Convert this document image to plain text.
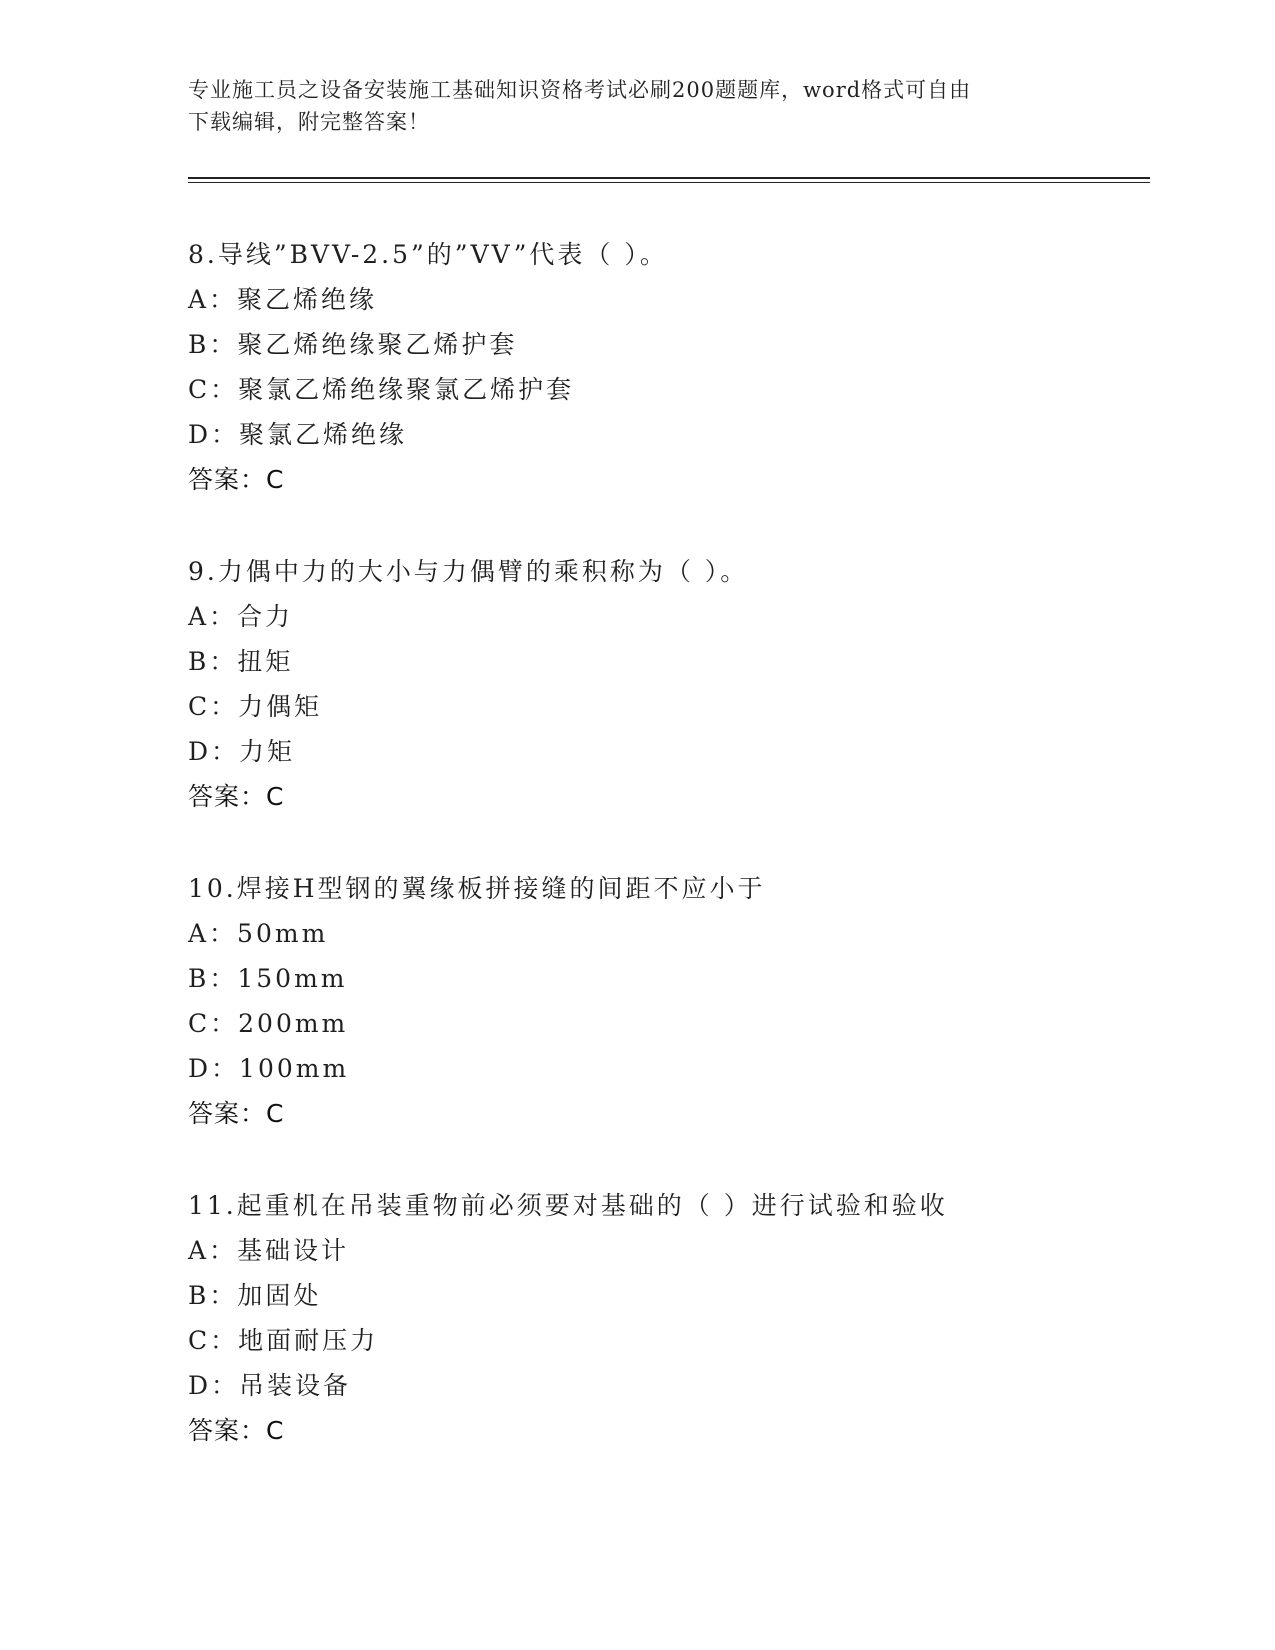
专业施工员之设备安装施工基础知识资格考试必刷200题题库，word格式可自由
下载编辑，附完整答案！
8.导线”BVV-2.5”的”VV”代表（ ）。
A：聚乙烯绝缘
B：聚乙烯绝缘聚乙烯护套
C：聚氯乙烯绝缘聚氯乙烯护套
D：聚氯乙烯绝缘
答案：C
9.力偶中力的大小与力偶臂的乘积称为（ ）。
A：合力
B：扭矩
C：力偶矩
D：力矩
答案：C
10.焊接H型钢的翼缘板拼接缝的间距不应小于
A：50mm
B：150mm
C：200mm
D：100mm
答案：C
11.起重机在吊装重物前必须要对基础的（ ）进行试验和验收
A：基础设计
B：加固处
C：地面耐压力
D：吊装设备
答案：C
